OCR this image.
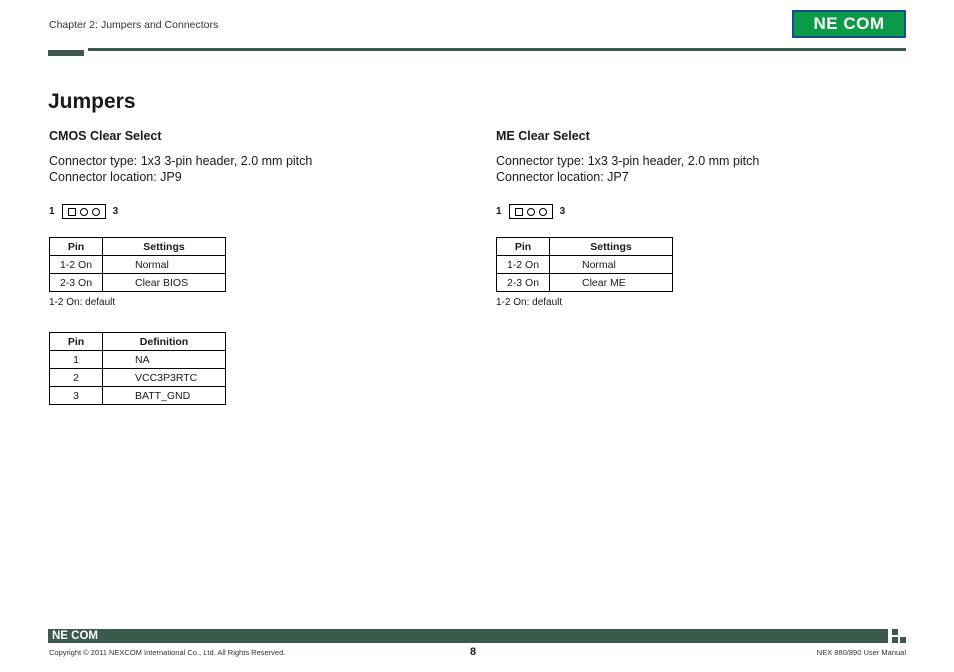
Chapter 2: Jumpers and Connectors	NE COM
Jumpers

CMOS Clear Select

Connector type: 1x3 3-pin header, 2.0 mm pitch

Connector location: JP9

1	3
Pin	Settings
1-2 On	Normal
2-3 On	Clear BIOS
1-2 On: default
Pin	Definition
1	NA
2	VCC3P3RTC
3	BATT_GND

ME Clear Select

Connector type: 1x3 3-pin header, 2.0 mm pitch

Connector location: JP7

1	3
Pin	Settings
1-2 On	Normal
2-3 On	Clear ME
1-2 On: default
NE COM
Copyright © 2011 NEXCOM International Co., Ltd. All Rights Reserved.	8	NEX 880/890 User Manual
